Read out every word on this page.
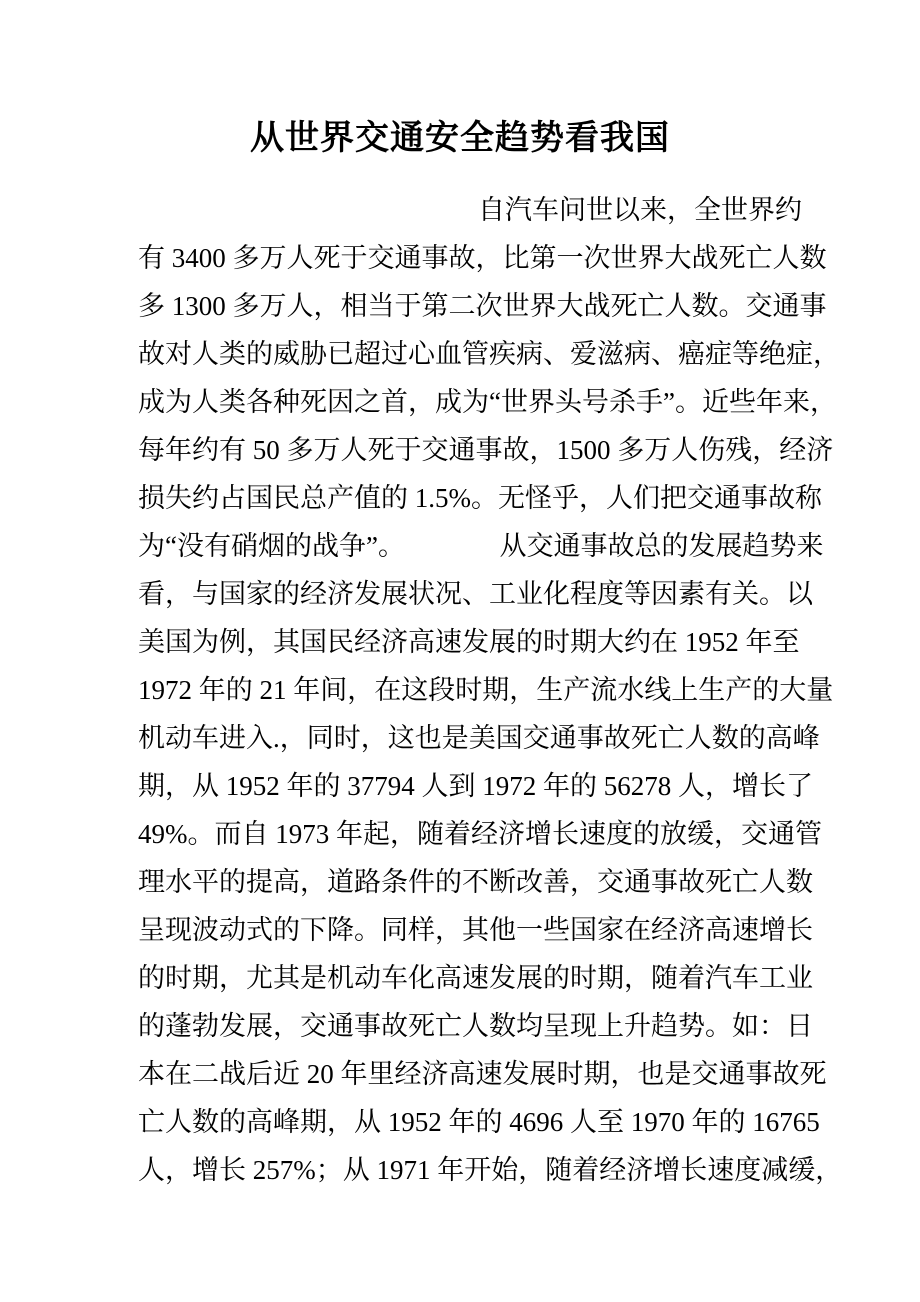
从世界交通安全趋势看我国
自汽车问世以来，全世界约
有 3400 多万人死于交通事故，比第一次世界大战死亡人数
多 1300 多万人，相当于第二次世界大战死亡人数。交通事
故对人类的威胁已超过心血管疾病、爱滋病、癌症等绝症，
成为人类各种死因之首，成为“世界头号杀手”。近些年来，
每年约有 50 多万人死于交通事故，1500 多万人伤残，经济
损失约占国民总产值的 1.5%。无怪乎，人们把交通事故称
为“没有硝烟的战争”。　　　　从交通事故总的发展趋势来
看，与国家的经济发展状况、工业化程度等因素有关。以
美国为例，其国民经济高速发展的时期大约在 1952 年至
1972 年的 21 年间，在这段时期，生产流水线上生产的大量
机动车进入.，同时，这也是美国交通事故死亡人数的高峰
期，从 1952 年的 37794 人到 1972 年的 56278 人，增长了
49%。而自 1973 年起，随着经济增长速度的放缓，交通管
理水平的提高，道路条件的不断改善，交通事故死亡人数
呈现波动式的下降。同样，其他一些国家在经济高速增长
的时期，尤其是机动车化高速发展的时期，随着汽车工业
的蓬勃发展，交通事故死亡人数均呈现上升趋势。如：日
本在二战后近 20 年里经济高速发展时期，也是交通事故死
亡人数的高峰期，从 1952 年的 4696 人至 1970 年的 16765
人，增长 257%；从 1971 年开始，随着经济增长速度减缓，
